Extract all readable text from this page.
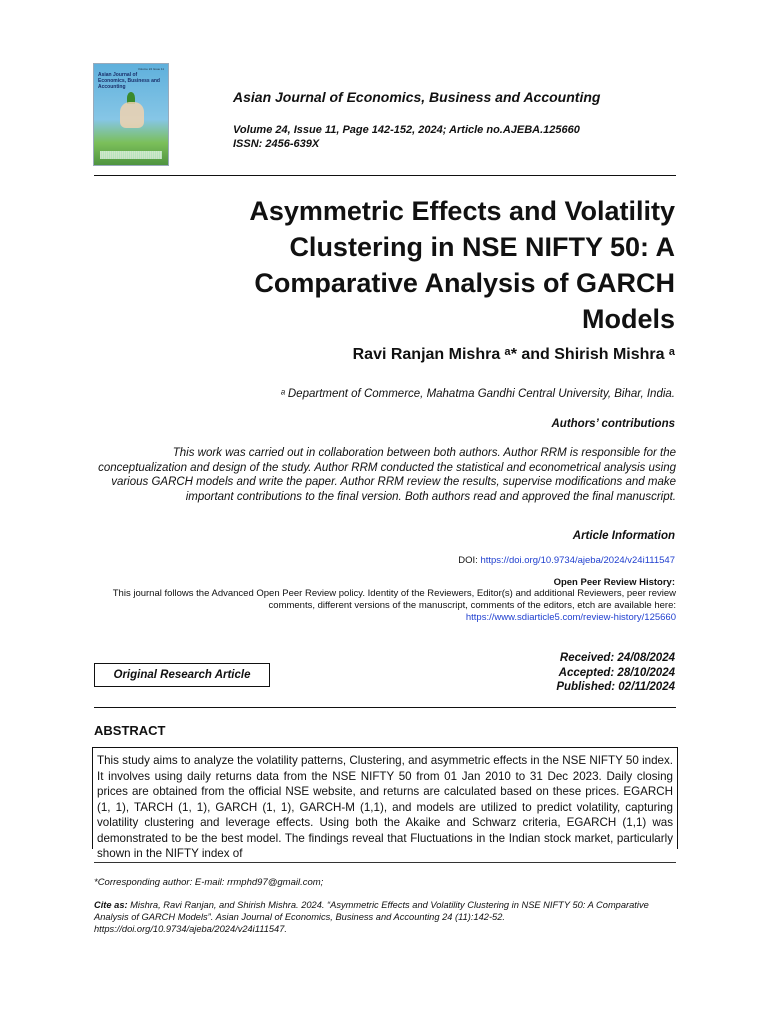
Volume 24 Issue 11
Asian Journal of Economics, Business and Accounting
Asian Journal of Economics, Business and Accounting
Volume 24, Issue 11, Page 142-152, 2024; Article no.AJEBA.125660
ISSN: 2456-639X
Asymmetric Effects and Volatility Clustering in NSE NIFTY 50: A Comparative Analysis of GARCH Models
Ravi Ranjan Mishra ᵃ* and Shirish Mishra ᵃ
ᵃ Department of Commerce, Mahatma Gandhi Central University, Bihar, India.
Authors’ contributions
This work was carried out in collaboration between both authors. Author RRM is responsible for the conceptualization and design of the study. Author RRM conducted the statistical and econometrical analysis using various GARCH models and write the paper. Author RRM review the results, supervise modifications and make important contributions to the final version. Both authors read and approved the final manuscript.
Article Information
DOI: https://doi.org/10.9734/ajeba/2024/v24i111547
Open Peer Review History:
This journal follows the Advanced Open Peer Review policy. Identity of the Reviewers, Editor(s) and additional Reviewers, peer review comments, different versions of the manuscript, comments of the editors, etch are available here:
https://www.sdiarticle5.com/review-history/125660
Original Research Article
Received: 24/08/2024
Accepted: 28/10/2024
Published: 02/11/2024
ABSTRACT
This study aims to analyze the volatility patterns, Clustering, and asymmetric effects in the NSE NIFTY 50 index. It involves using daily returns data from the NSE NIFTY 50 from 01 Jan 2010 to 31 Dec 2023. Daily closing prices are obtained from the official NSE website, and returns are calculated based on these prices. EGARCH (1, 1), TARCH (1, 1), GARCH (1, 1), GARCH-M (1,1), and models are utilized to predict volatility, capturing volatility clustering and leverage effects. Using both the Akaike and Schwarz criteria, EGARCH (1,1) was demonstrated to be the best model. The findings reveal that Fluctuations in the Indian stock market, particularly shown in the NIFTY index of
*Corresponding author: E-mail: rrmphd97@gmail.com;
Cite as: Mishra, Ravi Ranjan, and Shirish Mishra. 2024. “Asymmetric Effects and Volatility Clustering in NSE NIFTY 50: A Comparative Analysis of GARCH Models”. Asian Journal of Economics, Business and Accounting 24 (11):142-52. https://doi.org/10.9734/ajeba/2024/v24i111547.
